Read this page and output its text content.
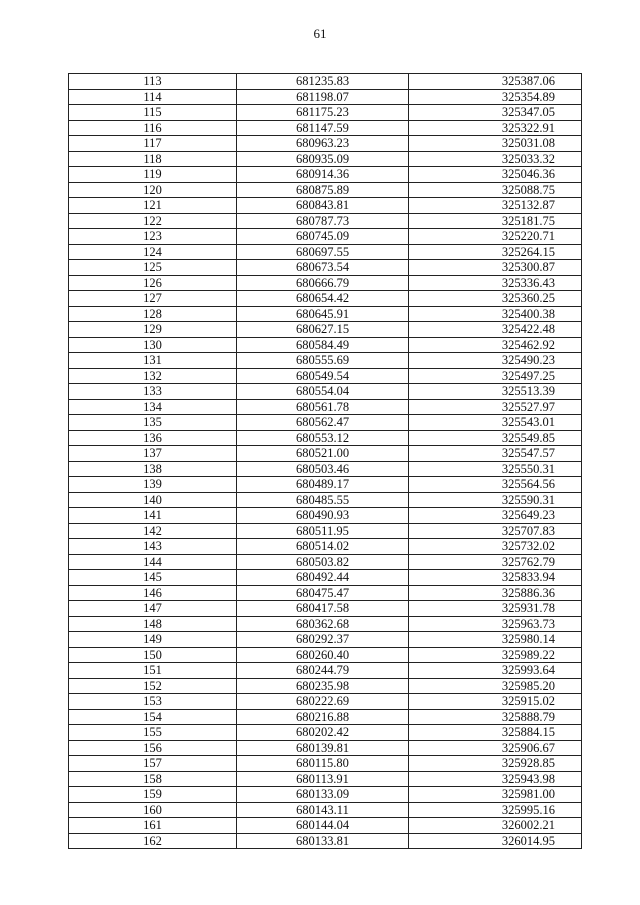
61
113	681235.83	325387.06
114	681198.07	325354.89
115	681175.23	325347.05
116	681147.59	325322.91
117	680963.23	325031.08
118	680935.09	325033.32
119	680914.36	325046.36
120	680875.89	325088.75
121	680843.81	325132.87
122	680787.73	325181.75
123	680745.09	325220.71
124	680697.55	325264.15
125	680673.54	325300.87
126	680666.79	325336.43
127	680654.42	325360.25
128	680645.91	325400.38
129	680627.15	325422.48
130	680584.49	325462.92
131	680555.69	325490.23
132	680549.54	325497.25
133	680554.04	325513.39
134	680561.78	325527.97
135	680562.47	325543.01
136	680553.12	325549.85
137	680521.00	325547.57
138	680503.46	325550.31
139	680489.17	325564.56
140	680485.55	325590.31
141	680490.93	325649.23
142	680511.95	325707.83
143	680514.02	325732.02
144	680503.82	325762.79
145	680492.44	325833.94
146	680475.47	325886.36
147	680417.58	325931.78
148	680362.68	325963.73
149	680292.37	325980.14
150	680260.40	325989.22
151	680244.79	325993.64
152	680235.98	325985.20
153	680222.69	325915.02
154	680216.88	325888.79
155	680202.42	325884.15
156	680139.81	325906.67
157	680115.80	325928.85
158	680113.91	325943.98
159	680133.09	325981.00
160	680143.11	325995.16
161	680144.04	326002.21
162	680133.81	326014.95
